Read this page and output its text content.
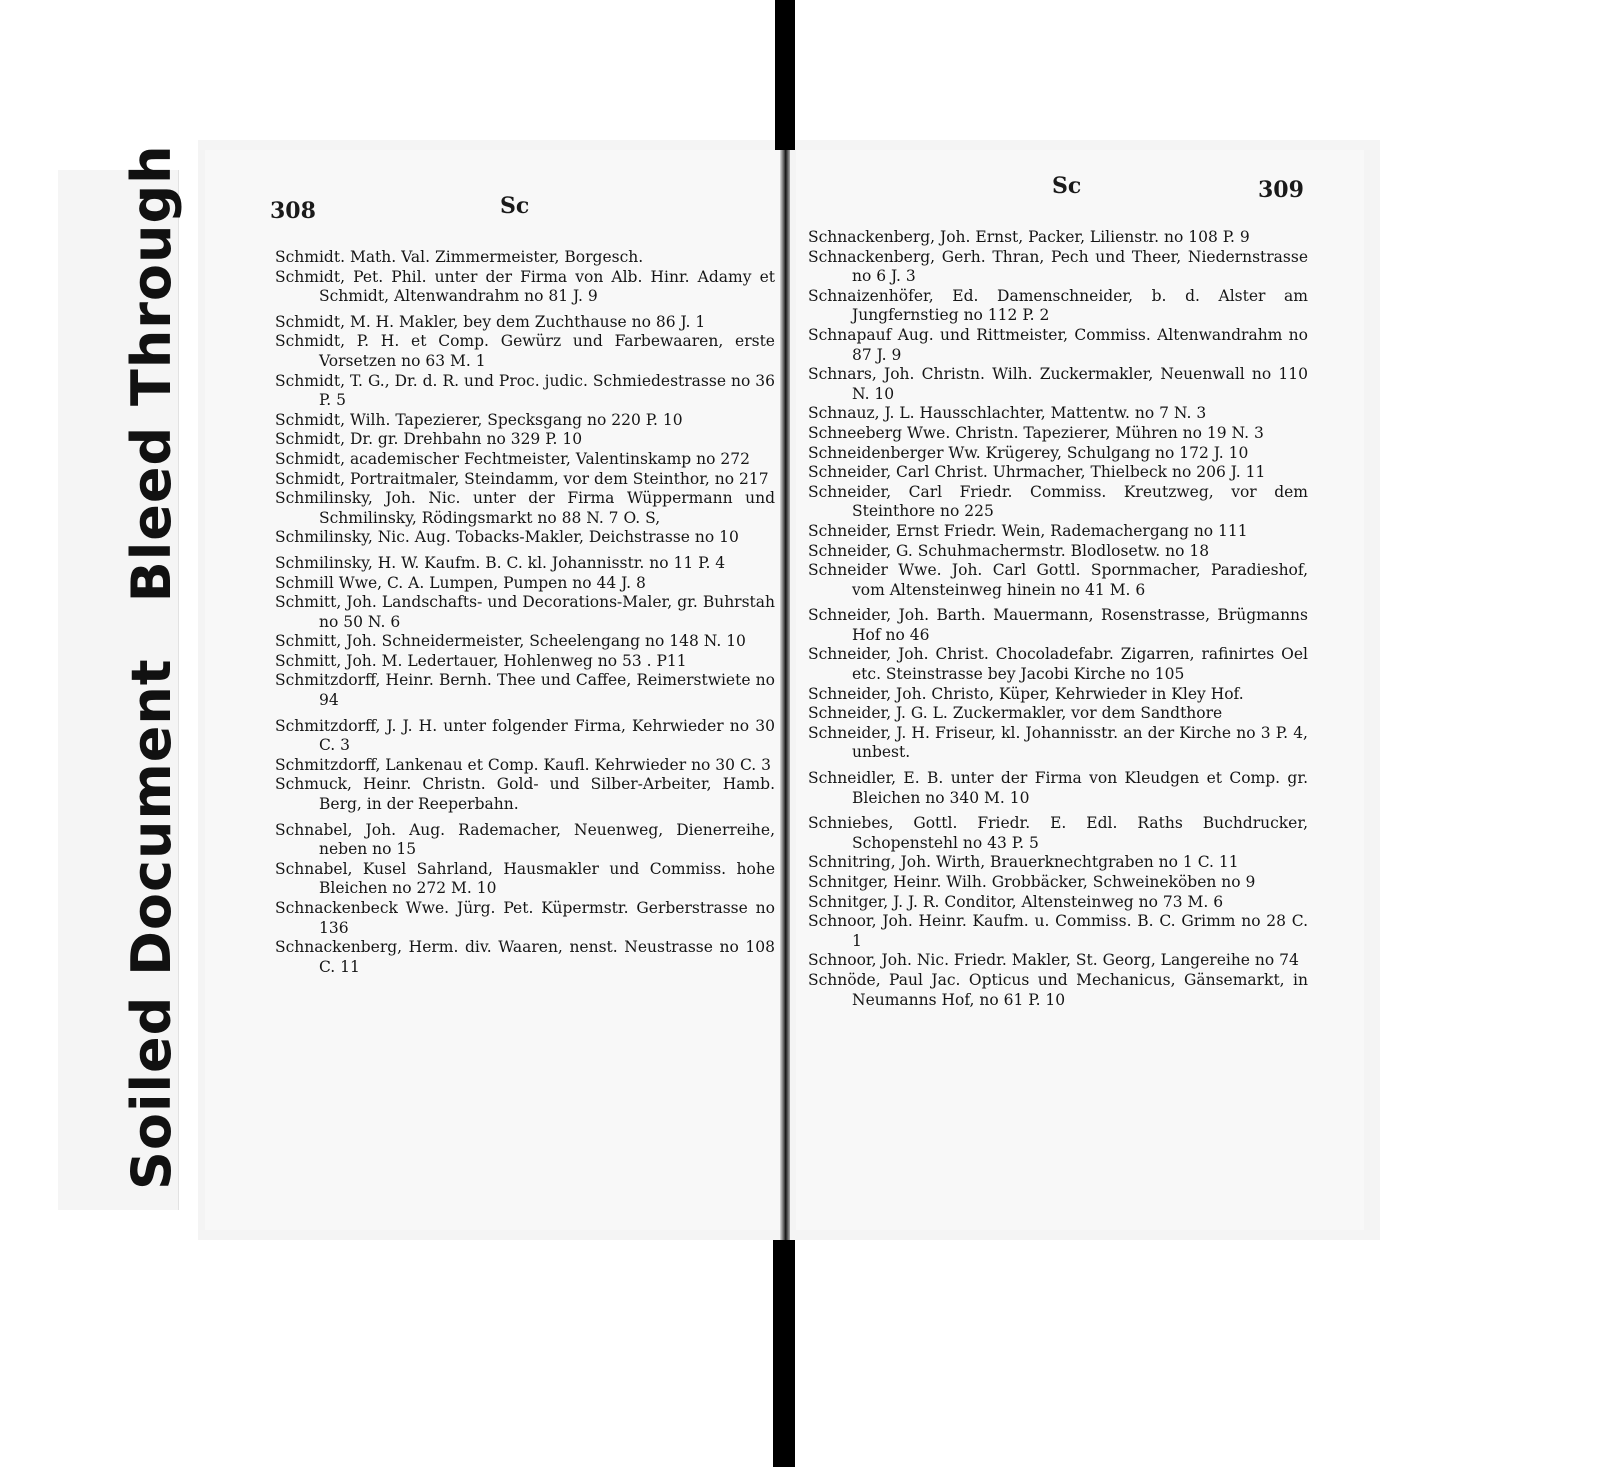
Soiled DocumentBleed Through	308	Sc
Sc	309
Schmidt. Math. Val. Zimmermeister, Borgesch.
Schmidt, Pet. Phil. unter der Firma von Alb. Hinr. Adamy et Schmidt, Altenwandrahm no 81 J. 9
Schmidt, M. H. Makler, bey dem Zuchthause no 86 J. 1
Schmidt, P. H. et Comp. Gewürz und Farbewaaren, erste Vorsetzen no 63 M. 1
Schmidt, T. G., Dr. d. R. und Proc. judic. Schmiedestrasse no 36 P. 5
Schmidt, Wilh. Tapezierer, Specksgang no 220 P. 10
Schmidt, Dr. gr. Drehbahn no 329 P. 10
Schmidt, academischer Fechtmeister, Valentinskamp no 272
Schmidt, Portraitmaler, Steindamm, vor dem Steinthor, no 217
Schmilinsky, Joh. Nic. unter der Firma Wüppermann und Schmilinsky, Rödingsmarkt no 88 N. 7 O. S,
Schmilinsky, Nic. Aug. Tobacks-Makler, Deichstrasse no 10
Schmilinsky, H. W. Kaufm. B. C. kl. Johannisstr. no 11 P. 4
Schmill Wwe, C. A. Lumpen, Pumpen no 44 J. 8
Schmitt, Joh. Landschafts- und Decorations-Maler, gr. Buhrstah no 50 N. 6
Schmitt, Joh. Schneidermeister, Scheelengang no 148 N. 10
Schmitt, Joh. M. Ledertauer, Hohlenweg no 53 . P11
Schmitzdorff, Heinr. Bernh. Thee und Caffee, Reimerstwiete no 94
Schmitzdorff, J. J. H. unter folgender Firma, Kehrwieder no 30 C. 3
Schmitzdorff, Lankenau et Comp. Kaufl. Kehrwieder no 30 C. 3
Schmuck, Heinr. Christn. Gold- und Silber-Arbeiter, Hamb. Berg, in der Reeperbahn.
Schnabel, Joh. Aug. Rademacher, Neuenweg, Dienerreihe, neben no 15
Schnabel, Kusel Sahrland, Hausmakler und Commiss. hohe Bleichen no 272 M. 10
Schnackenbeck Wwe. Jürg. Pet. Küpermstr. Gerberstrasse no 136
Schnackenberg, Herm. div. Waaren, nenst. Neustrasse no 108 C. 11
Schnackenberg, Joh. Ernst, Packer, Lilienstr. no 108 P. 9
Schnackenberg, Gerh. Thran, Pech und Theer, Niedernstrasse no 6 J. 3
Schnaizenhöfer, Ed. Damenschneider, b. d. Alster am Jungfernstieg no 112 P. 2
Schnapauf Aug. und Rittmeister, Commiss. Altenwandrahm no 87 J. 9
Schnars, Joh. Christn. Wilh. Zuckermakler, Neuenwall no 110 N. 10
Schnauz, J. L. Hausschlachter, Mattentw. no 7 N. 3
Schneeberg Wwe. Christn. Tapezierer, Mühren no 19 N. 3
Schneidenberger Ww. Krügerey, Schulgang no 172 J. 10
Schneider, Carl Christ. Uhrmacher, Thielbeck no 206 J. 11
Schneider, Carl Friedr. Commiss. Kreutzweg, vor dem Steinthore no 225
Schneider, Ernst Friedr. Wein, Rademachergang no 111
Schneider, G. Schuhmachermstr. Blodlosetw. no 18
Schneider Wwe. Joh. Carl Gottl. Spornmacher, Paradieshof, vom Altensteinweg hinein no 41 M. 6
Schneider, Joh. Barth. Mauermann, Rosenstrasse, Brügmanns Hof no 46
Schneider, Joh. Christ. Chocoladefabr. Zigarren, rafinirtes Oel etc. Steinstrasse bey Jacobi Kirche no 105
Schneider, Joh. Christo, Küper, Kehrwieder in Kley Hof.
Schneider, J. G. L. Zuckermakler, vor dem Sandthore
Schneider, J. H. Friseur, kl. Johannisstr. an der Kirche no 3 P. 4, unbest.
Schneidler, E. B. unter der Firma von Kleudgen et Comp. gr. Bleichen no 340 M. 10
Schniebes, Gottl. Friedr. E. Edl. Raths Buchdrucker, Schopenstehl no 43 P. 5
Schnitring, Joh. Wirth, Brauerknechtgraben no 1 C. 11
Schnitger, Heinr. Wilh. Grobbäcker, Schweineköben no 9
Schnitger, J. J. R. Conditor, Altensteinweg no 73 M. 6
Schnoor, Joh. Heinr. Kaufm. u. Commiss. B. C. Grimm no 28 C. 1
Schnoor, Joh. Nic. Friedr. Makler, St. Georg, Langereihe no 74
Schnöde, Paul Jac. Opticus und Mechanicus, Gänsemarkt, in Neumanns Hof, no 61 P. 10
